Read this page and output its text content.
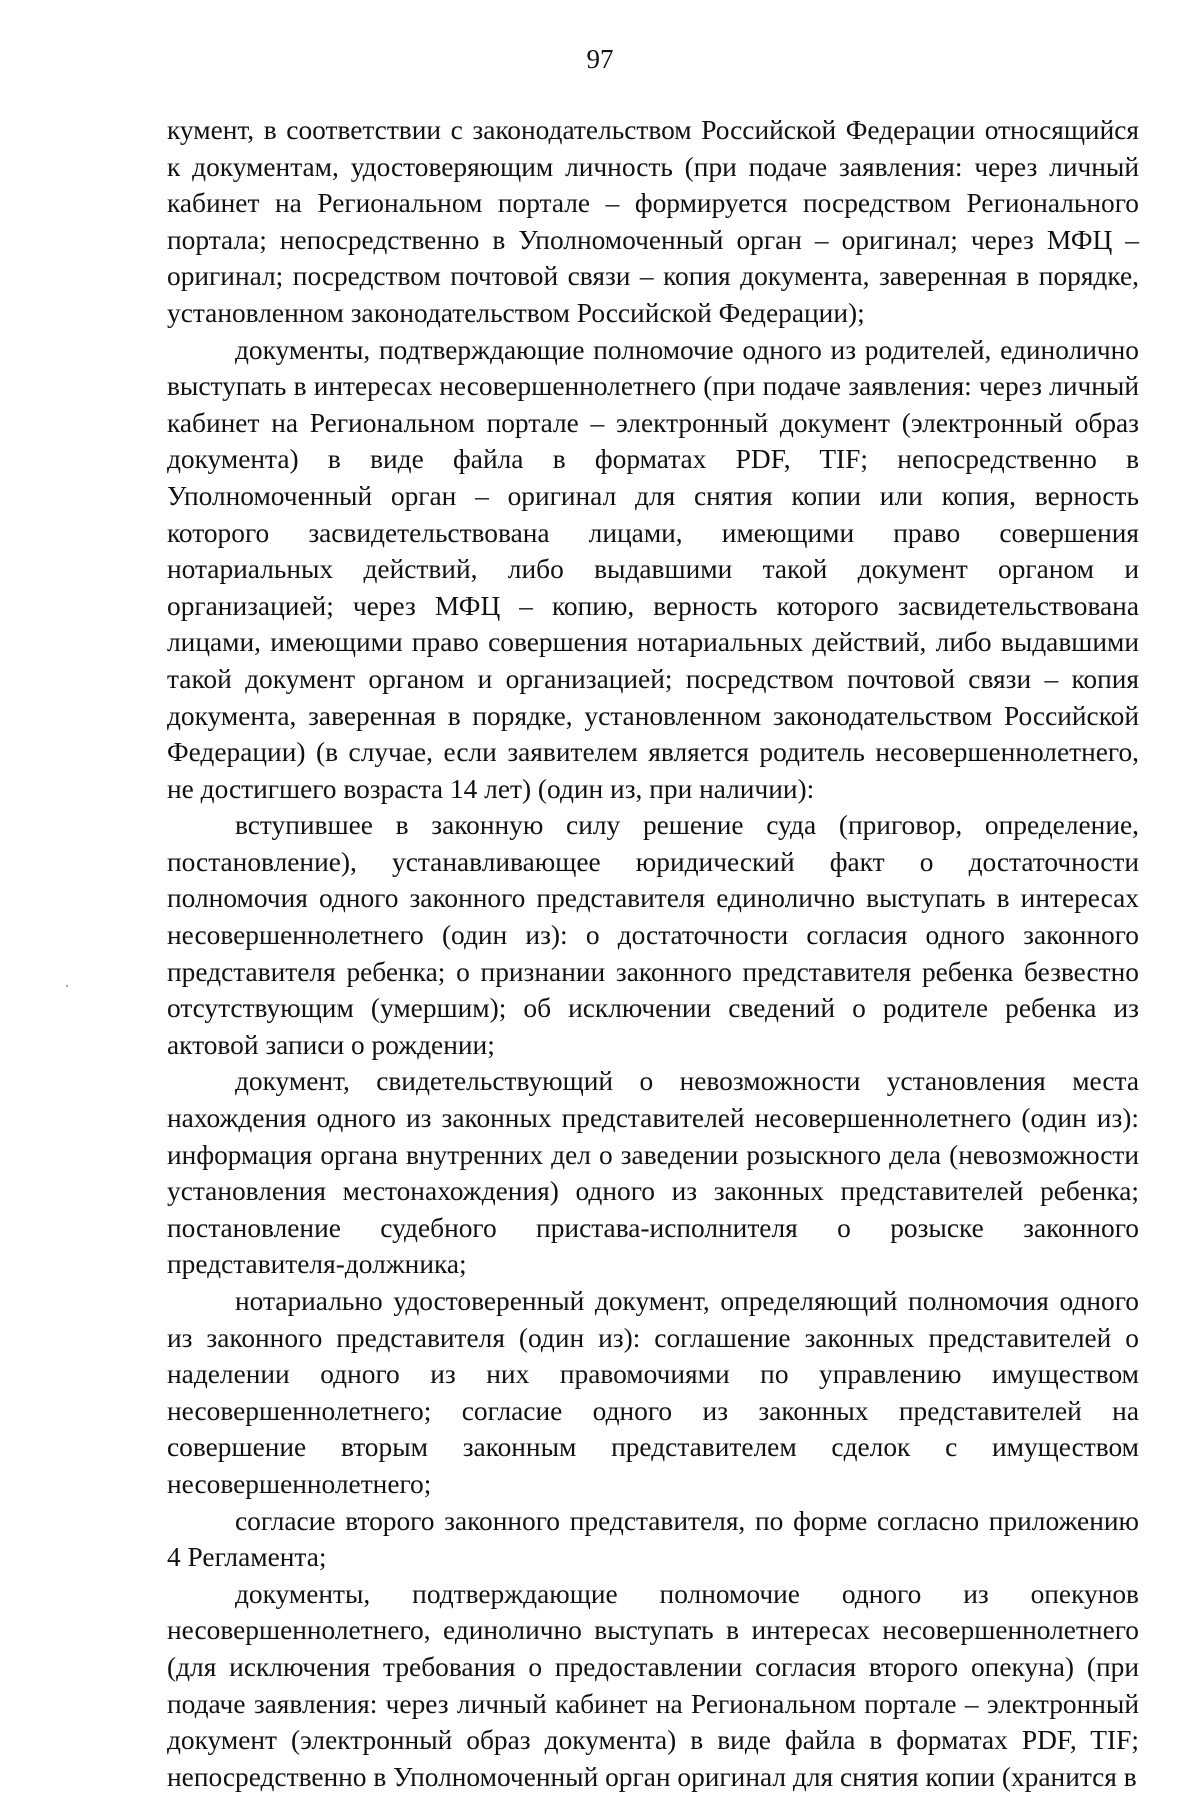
97

кумент, в соответствии с законодательством Российской Федерации относящийся к документам, удостоверяющим личность (при подаче заявления: через личный кабинет на Региональном портале – формируется посредством Регионального портала; непосредственно в Уполномоченный орган – оригинал; через МФЦ – оригинал; посредством почтовой связи – копия документа, заверенная в порядке, установленном законодательством Российской Федерации);

документы, подтверждающие полномочие одного из родителей, единолично выступать в интересах несовершеннолетнего (при подаче заявления: через личный кабинет на Региональном портале – электронный документ (электронный образ документа) в виде файла в форматах PDF, TIF; непосредственно в Уполномоченный орган – оригинал для снятия копии или копия, верность которого засвидетельствована лицами, имеющими право совершения нотариальных действий, либо выдавшими такой документ органом и организацией; через МФЦ – копию, верность которого засвидетельствована лицами, имеющими право совершения нотариальных действий, либо выдавшими такой документ органом и организацией; посредством почтовой связи – копия документа, заверенная в порядке, установленном законодательством Российской Федерации) (в случае, если заявителем является родитель несовершеннолетнего, не достигшего возраста 14 лет) (один из, при наличии):

вступившее в законную силу решение суда (приговор, определение, постановление), устанавливающее юридический факт о достаточности полномочия одного законного представителя единолично выступать в интересах несовершеннолетнего (один из): о достаточности согласия одного законного представителя ребенка; о признании законного представителя ребенка безвестно отсутствующим (умершим); об исключении сведений о родителе ребенка из актовой записи о рождении;

документ, свидетельствующий о невозможности установления места нахождения одного из законных представителей несовершеннолетнего (один из): информация органа внутренних дел о заведении розыскного дела (невозможности установления местонахождения) одного из законных представителей ребенка; постановление судебного пристава-исполнителя о розыске законного представителя-должника;

нотариально удостоверенный документ, определяющий полномочия одного из законного представителя (один из): соглашение законных представителей о наделении одного из них правомочиями по управлению имуществом несовершеннолетнего; согласие одного из законных представителей на совершение вторым законным представителем сделок с имуществом несовершеннолетнего;

согласие второго законного представителя, по форме согласно приложению 4 Регламента;

документы, подтверждающие полномочие одного из опекунов несовершеннолетнего, единолично выступать в интересах несовершеннолетнего (для исключения требования о предоставлении согласия второго опекуна) (при подаче заявления: через личный кабинет на Региональном портале – электронный документ (электронный образ документа) в виде файла в форматах PDF, TIF; непосредственно в Уполномоченный орган оригинал для снятия копии (хранится в
